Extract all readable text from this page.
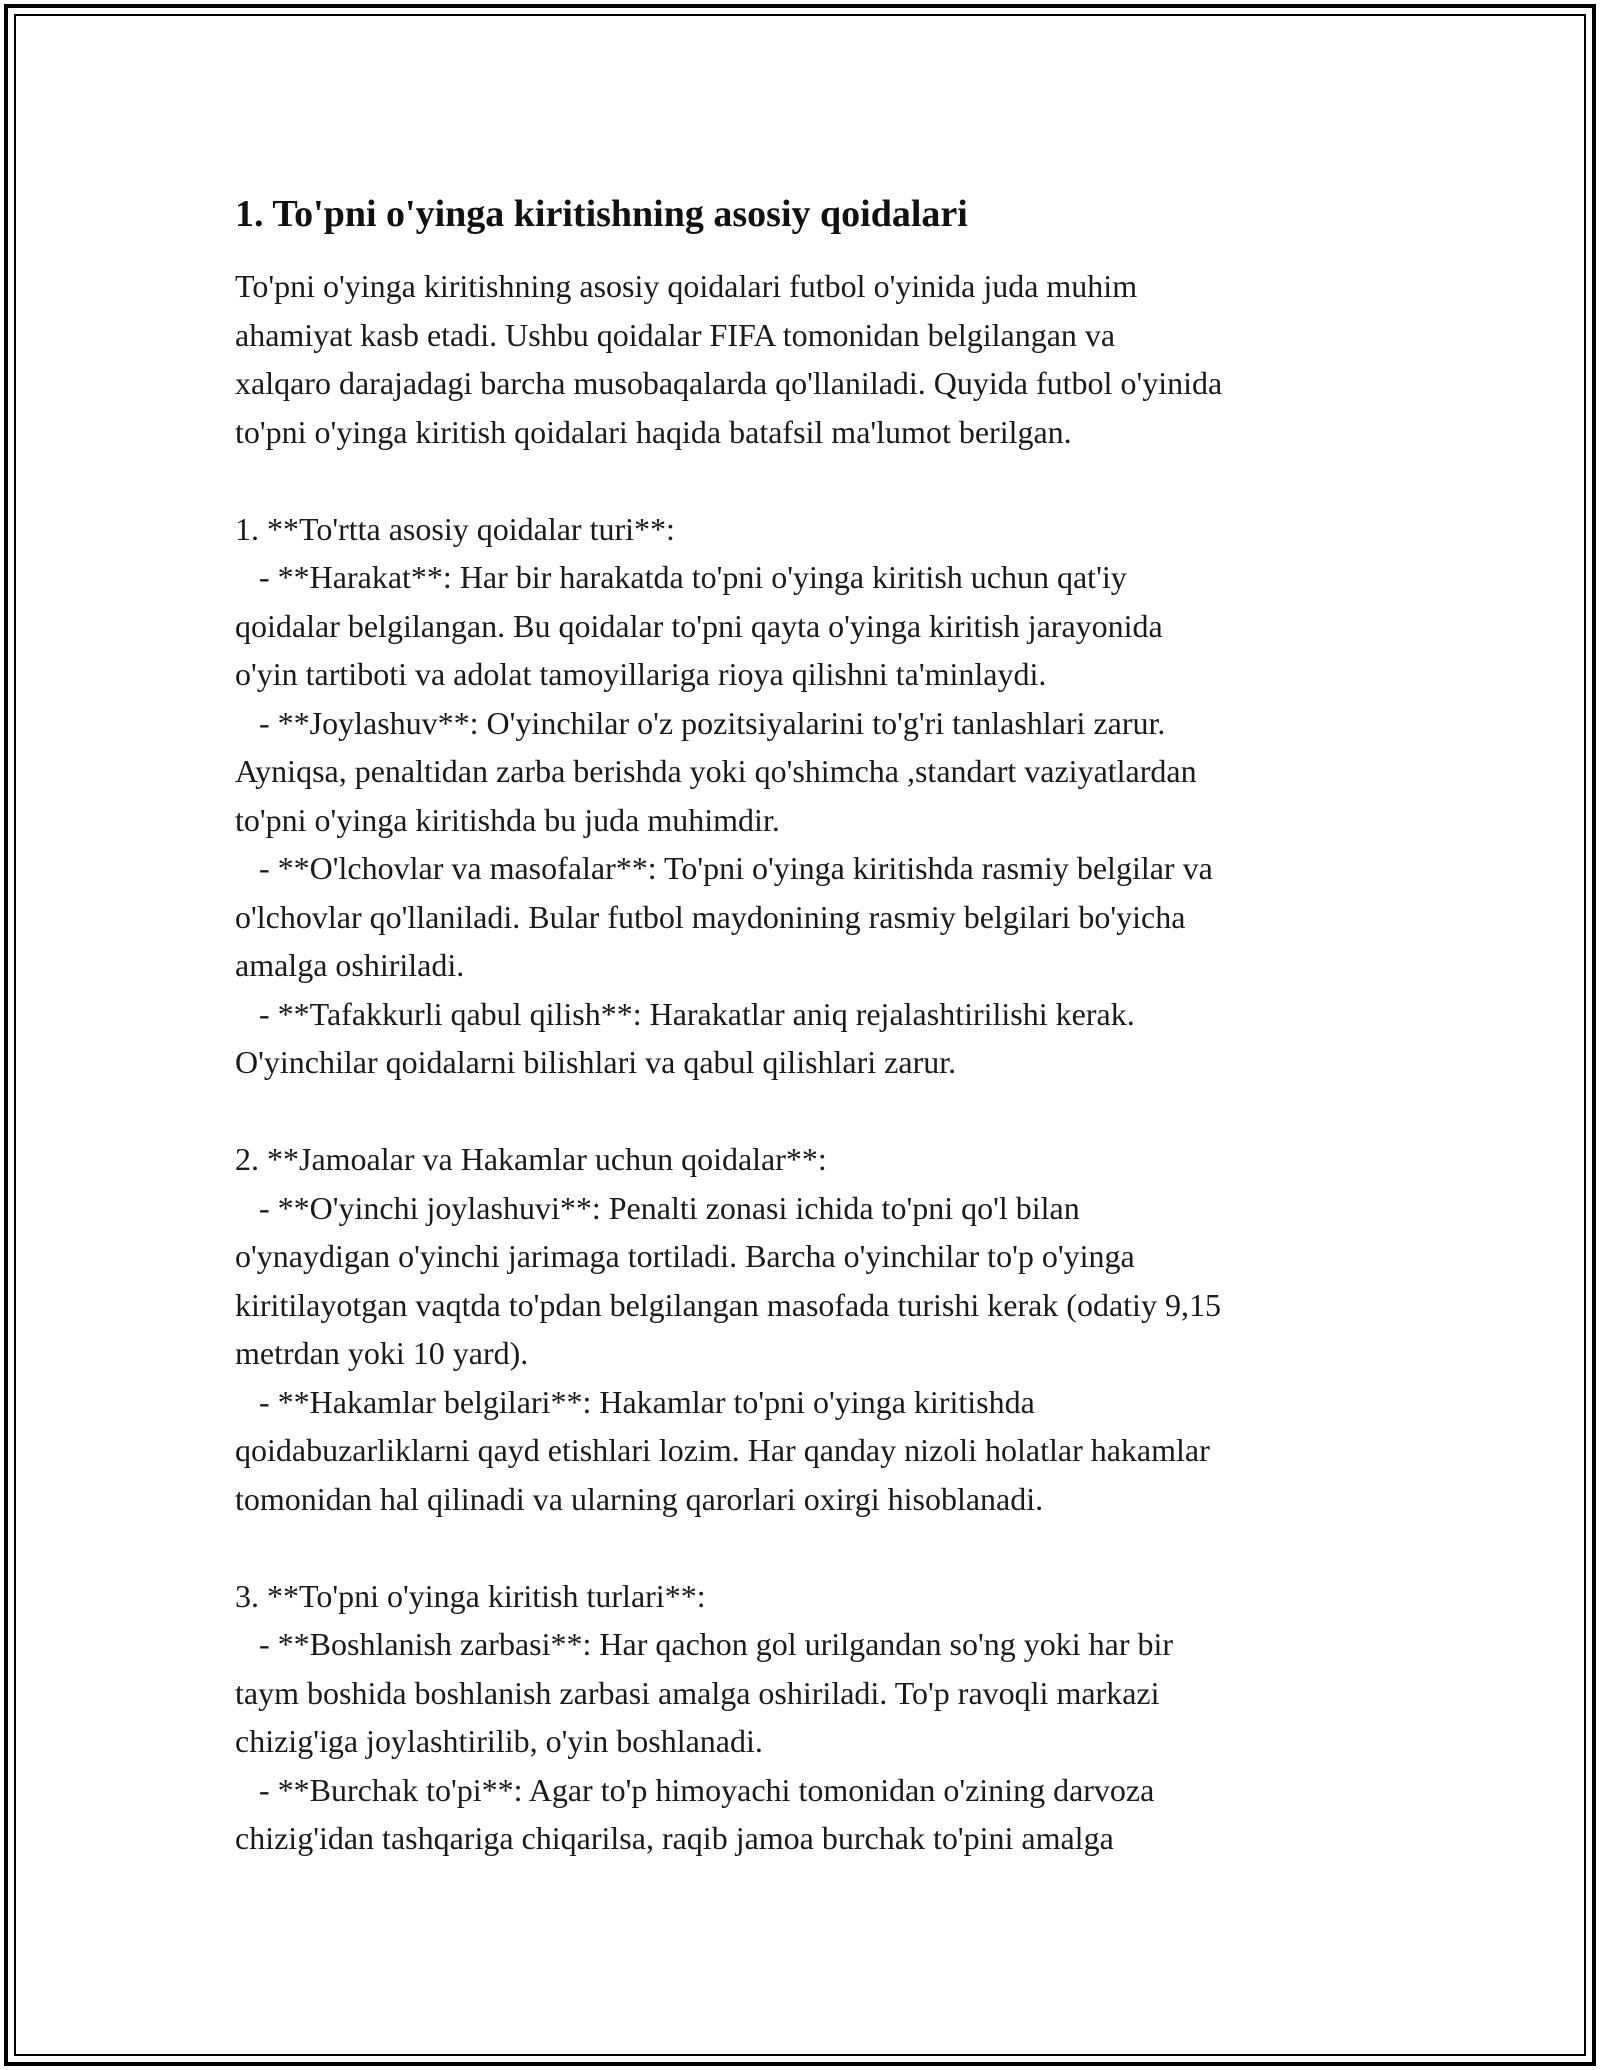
1. To'pni o'yinga kiritishning asosiy qoidalari

To'pni o'yinga kiritishning asosiy qoidalari futbol o'yinida juda muhim
ahamiyat kasb etadi. Ushbu qoidalar FIFA tomonidan belgilangan va
xalqaro darajadagi barcha musobaqalarda qo'llaniladi. Quyida futbol o'yinida
to'pni o'yinga kiritish qoidalari haqida batafsil ma'lumot berilgan.

1. **To'rtta asosiy qoidalar turi**:
- **Harakat**: Har bir harakatda to'pni o'yinga kiritish uchun qat'iy
qoidalar belgilangan. Bu qoidalar to'pni qayta o'yinga kiritish jarayonida
o'yin tartiboti va adolat tamoyillariga rioya qilishni ta'minlaydi.
- **Joylashuv**: O'yinchilar o'z pozitsiyalarini to'g'ri tanlashlari zarur.
Ayniqsa, penaltidan zarba berishda yoki qo'shimcha ,standart vaziyatlardan
to'pni o'yinga kiritishda bu juda muhimdir.
- **O'lchovlar va masofalar**: To'pni o'yinga kiritishda rasmiy belgilar va
o'lchovlar qo'llaniladi. Bular futbol maydonining rasmiy belgilari bo'yicha
amalga oshiriladi.
- **Tafakkurli qabul qilish**: Harakatlar aniq rejalashtirilishi kerak.
O'yinchilar qoidalarni bilishlari va qabul qilishlari zarur.

2. **Jamoalar va Hakamlar uchun qoidalar**:
- **O'yinchi joylashuvi**: Penalti zonasi ichida to'pni qo'l bilan
o'ynaydigan o'yinchi jarimaga tortiladi. Barcha o'yinchilar to'p o'yinga
kiritilayotgan vaqtda to'pdan belgilangan masofada turishi kerak (odatiy 9,15
metrdan yoki 10 yard).
- **Hakamlar belgilari**: Hakamlar to'pni o'yinga kiritishda
qoidabuzarliklarni qayd etishlari lozim. Har qanday nizoli holatlar hakamlar
tomonidan hal qilinadi va ularning qarorlari oxirgi hisoblanadi.

3. **To'pni o'yinga kiritish turlari**:
- **Boshlanish zarbasi**: Har qachon gol urilgandan so'ng yoki har bir
taym boshida boshlanish zarbasi amalga oshiriladi. To'p ravoqli markazi
chizig'iga joylashtirilib, o'yin boshlanadi.
- **Burchak to'pi**: Agar to'p himoyachi tomonidan o'zining darvoza
chizig'idan tashqariga chiqarilsa, raqib jamoa burchak to'pini amalga
